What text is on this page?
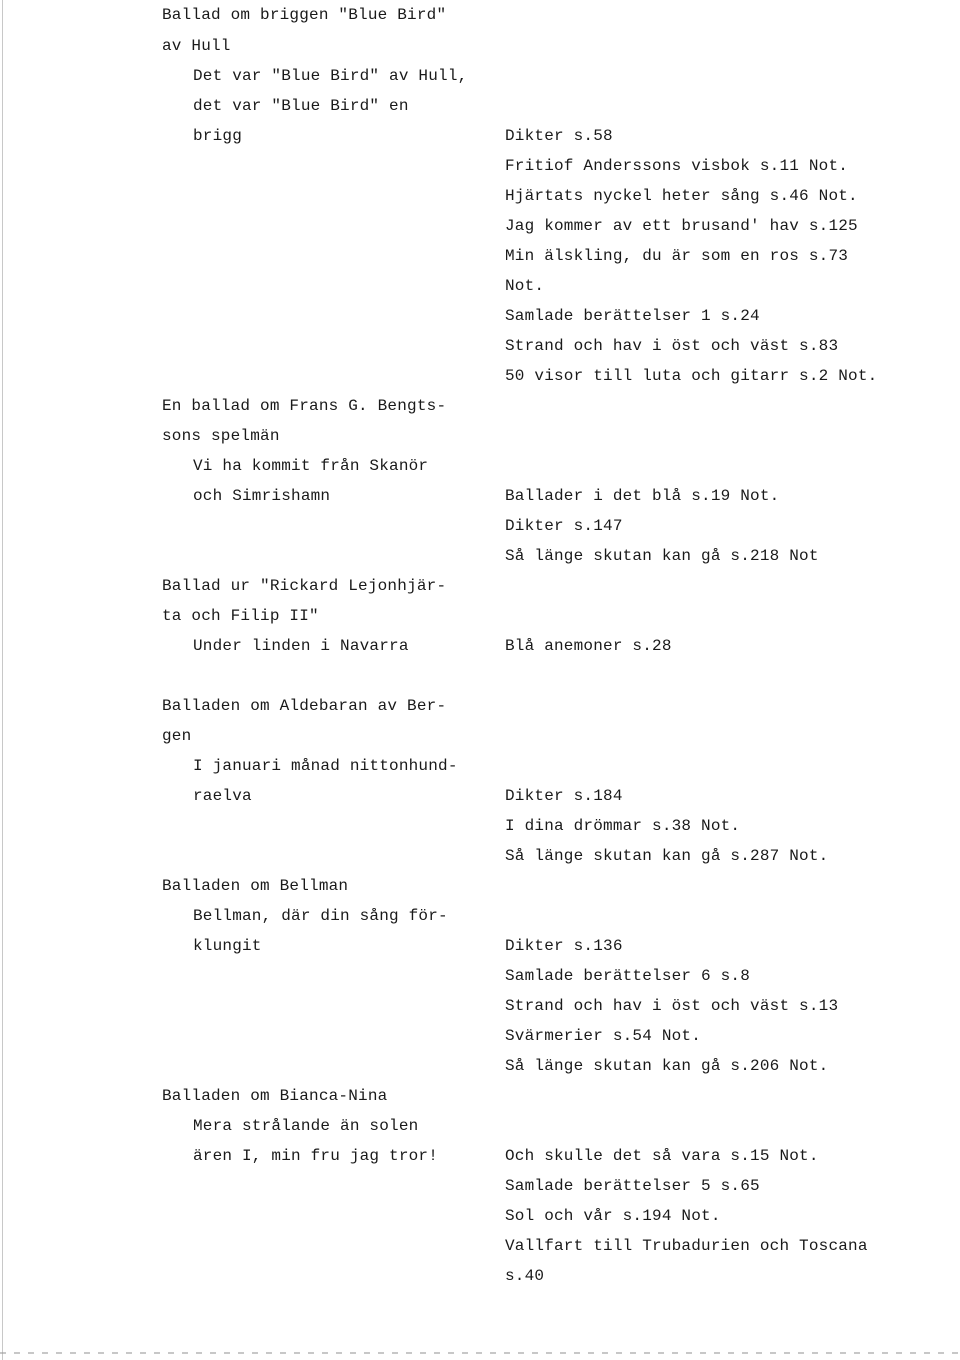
Ballad om briggen "Blue Bird"
av Hull
Det var "Blue Bird" av Hull,
det var "Blue Bird" en
brigg	Dikter s.58
Fritiof Anderssons visbok s.11 Not.
Hjärtats nyckel heter sång s.46 Not.
Jag kommer av ett brusand' hav s.125
Min älskling, du är som en ros s.73
Not.
Samlade berättelser 1 s.24
Strand och hav i öst och väst s.83
50 visor till luta och gitarr s.2 Not.
En ballad om Frans G. Bengts-
sons spelmän
Vi ha kommit från Skanör
och Simrishamn	Ballader i det blå s.19 Not.
Dikter s.147
Så länge skutan kan gå s.218 Not
Ballad ur "Rickard Lejonhjär-
ta och Filip II"
Under linden i Navarra	Blå anemoner s.28
Balladen om Aldebaran av Ber-
gen
I januari månad nittonhund-
raelva	Dikter s.184
I dina drömmar s.38 Not.
Så länge skutan kan gå s.287 Not.
Balladen om Bellman
Bellman, där din sång för-
klungit	Dikter s.136
Samlade berättelser 6 s.8
Strand och hav i öst och väst s.13
Svärmerier s.54 Not.
Så länge skutan kan gå s.206 Not.
Balladen om Bianca-Nina
Mera strålande än solen
ären I, min fru jag tror!	Och skulle det så vara s.15 Not.
Samlade berättelser 5 s.65
Sol och vår s.194 Not.
Vallfart till Trubadurien och Toscana
s.40
